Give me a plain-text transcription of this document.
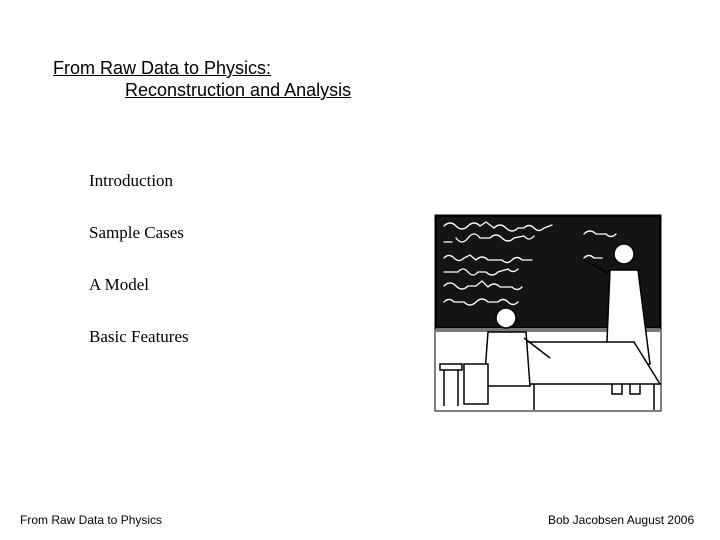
From Raw Data to Physics:
Reconstruction and Analysis
Introduction
Sample Cases
A Model
Basic Features
From Raw Data to Physics	Bob Jacobsen August 2006
